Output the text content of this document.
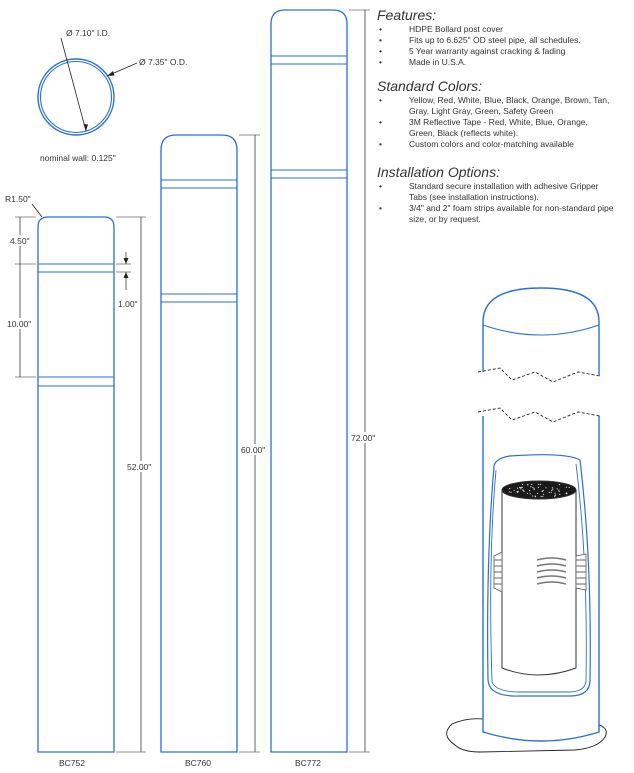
Ø 7.10" I.D.
Ø 7.35" O.D.
nominal wall: 0.125"
R1.50"
4.50"
10.00"
1.00"
52.00"
BC752
60.00"
BC760
72.00"
BC772
Features:
•	HDPE Bollard post cover
•	Fits up to 6.625" OD steel pipe, all schedules.
•	5 Year warranty against cracking & fading
•	Made in U.S.A.
Standard Colors:
•	Yellow, Red, White, Blue, Black, Orange, Brown, Tan,
Gray, Light Gray, Green, Safety Green
•	3M Reflective Tape - Red, White, Blue, Orange,
Green, Black (reflects white).
•	Custom colors and color-matching available
Installation Options:
•	Standard secure installation with adhesive Gripper
Tabs (see installation instructions).
•	3/4" and 2" foam strips available for non-standard pipe
size, or by request.
